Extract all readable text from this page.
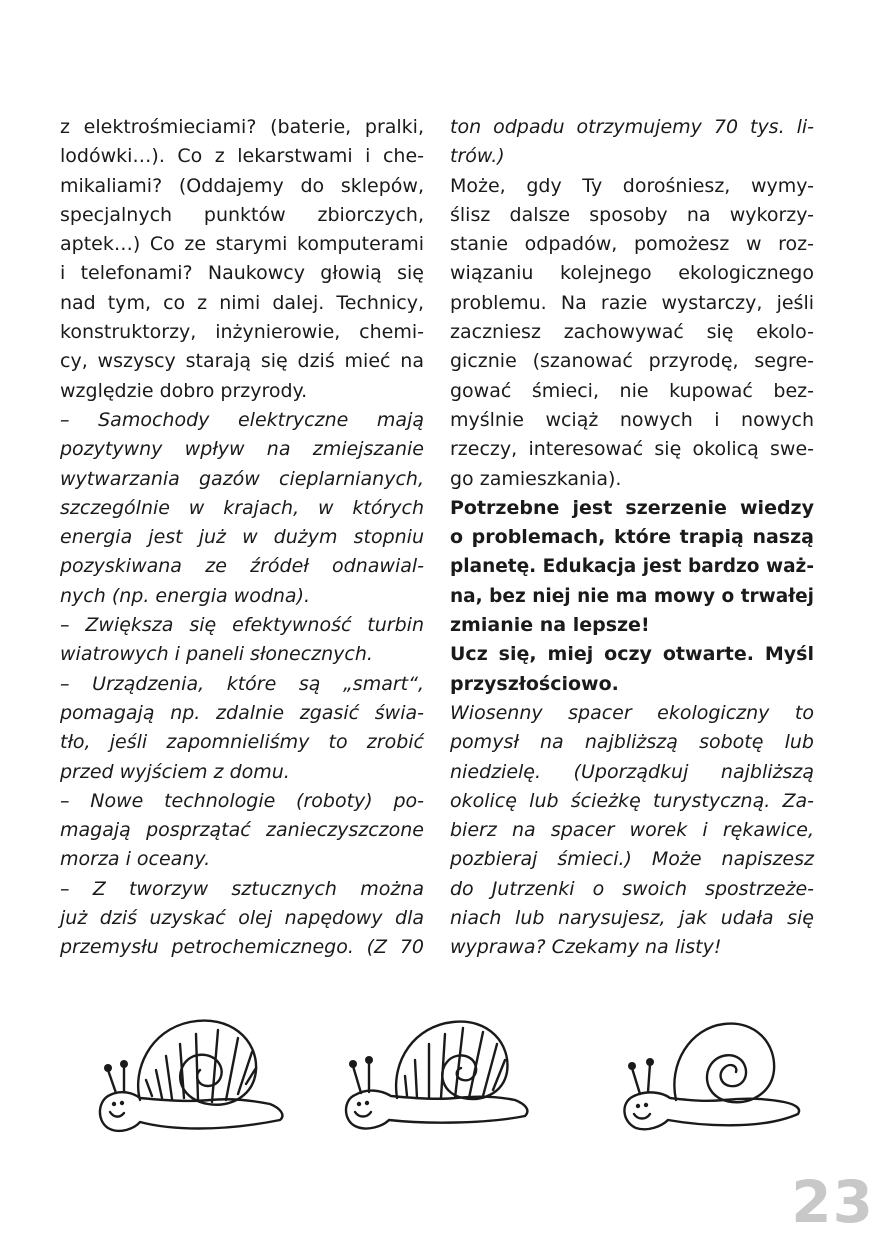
z elektrośmieciami? (baterie, pralki,
lodówki…). Co z lekarstwami i che-
mikaliami? (Oddajemy do sklepów,
specjalnych punktów zbiorczych,
aptek…) Co ze starymi komputerami
i telefonami? Naukowcy głowią się
nad tym, co z nimi dalej. Technicy,
konstruktorzy, inżynierowie, chemi-
cy, wszyscy starają się dziś mieć na
względzie dobro przyrody.
– Samochody elektryczne mają
pozytywny wpływ na zmiejszanie
wytwarzania gazów cieplarnianych,
szczególnie w krajach, w których
energia jest już w dużym stopniu
pozyskiwana ze źródeł odnawial-
nych (np. energia wodna).
– Zwiększa się efektywność turbin
wiatrowych i paneli słonecznych.
– Urządzenia, które są „smart“,
pomagają np. zdalnie zgasić świa-
tło, jeśli zapomnieliśmy to zrobić
przed wyjściem z domu.
– Nowe technologie (roboty) po-
magają posprzątać zanieczyszczone
morza i oceany.
– Z tworzyw sztucznych można
już dziś uzyskać olej napędowy dla
przemysłu petrochemicznego. (Z 70
ton odpadu otrzymujemy 70 tys. li-
trów.)
Może, gdy Ty dorośniesz, wymy-
ślisz dalsze sposoby na wykorzy-
stanie odpadów, pomożesz w roz-
wiązaniu kolejnego ekologicznego
problemu. Na razie wystarczy, jeśli
zaczniesz zachowywać się ekolo-
gicznie (szanować przyrodę, segre-
gować śmieci, nie kupować bez-
myślnie wciąż nowych i nowych
rzeczy, interesować się okolicą swe-
go zamieszkania).
Potrzebne jest szerzenie wiedzy
o problemach, które trapią naszą
planetę. Edukacja jest bardzo waż-
na, bez niej nie ma mowy o trwałej
zmianie na lepsze!
Ucz się, miej oczy otwarte. Myśl
przyszłościowo.
Wiosenny spacer ekologiczny to
pomysł na najbliższą sobotę lub
niedzielę. (Uporządkuj najbliższą
okolicę lub ścieżkę turystyczną. Za-
bierz na spacer worek i rękawice,
pozbieraj śmieci.) Może napiszesz
do Jutrzenki o swoich spostrzeże-
niach lub narysujesz, jak udała się
wyprawa? Czekamy na listy!
23
